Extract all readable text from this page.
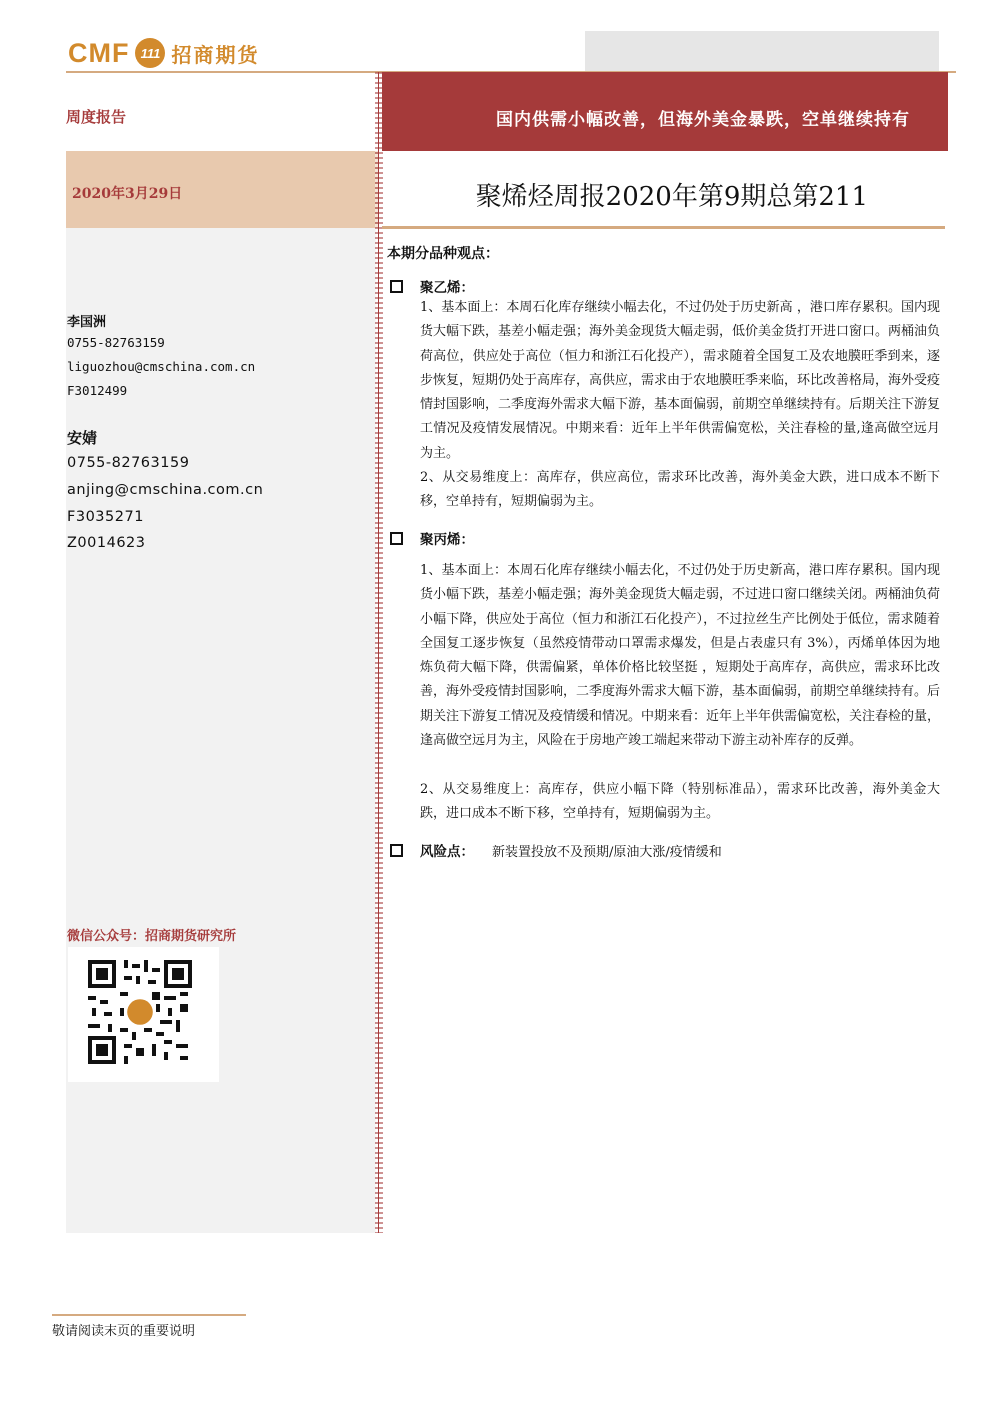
CMF 111 招商期货
周度报告
2020年3月29日
国内供需小幅改善，但海外美金暴跌，空单继续持有
聚烯烃周报2020年第9期总第211
李国洲
0755-82763159
liguozhou@cmschina.com.cn
F3012499
安婧
0755-82763159
anjing@cmschina.com.cn
F3035271
Z0014623
微信公众号：招商期货研究所
本期分品种观点：
聚乙烯：
1、基本面上：本周石化库存继续小幅去化，不过仍处于历史新高 ，港口库存累积。国内现货大幅下跌，基差小幅走强；海外美金现货大幅走弱，低价美金货打开进口窗口。两桶油负荷高位，供应处于高位（恒力和浙江石化投产），需求随着全国复工及农地膜旺季到来，逐步恢复，短期仍处于高库存，高供应，需求由于农地膜旺季来临，环比改善格局，海外受疫情封国影响，二季度海外需求大幅下游，基本面偏弱，前期空单继续持有。后期关注下游复工情况及疫情发展情况。中期来看：近年上半年供需偏宽松，关注春检的量,逢高做空远月为主。
2、从交易维度上：高库存，供应高位，需求环比改善，海外美金大跌，进口成本不断下移，空单持有，短期偏弱为主。
聚丙烯：
1、基本面上：本周石化库存继续小幅去化，不过仍处于历史新高，港口库存累积。国内现货小幅下跌，基差小幅走强；海外美金现货大幅走弱，不过进口窗口继续关闭。两桶油负荷小幅下降，供应处于高位（恒力和浙江石化投产），不过拉丝生产比例处于低位，需求随着全国复工逐步恢复（虽然疫情带动口罩需求爆发，但是占表虚只有 3%），丙烯单体因为地炼负荷大幅下降，供需偏紧，单体价格比较坚挺 ，短期处于高库存，高供应，需求环比改善，海外受疫情封国影响，二季度海外需求大幅下游，基本面偏弱，前期空单继续持有。后期关注下游复工情况及疫情缓和情况。中期来看：近年上半年供需偏宽松，关注春检的量，逢高做空远月为主，风险在于房地产竣工端起来带动下游主动补库存的反弹。
2、从交易维度上：高库存，供应小幅下降（特别标准品），需求环比改善，海外美金大跌，进口成本不断下移，空单持有，短期偏弱为主。
风险点： 新装置投放不及预期/原油大涨/疫情缓和
敬请阅读末页的重要说明
